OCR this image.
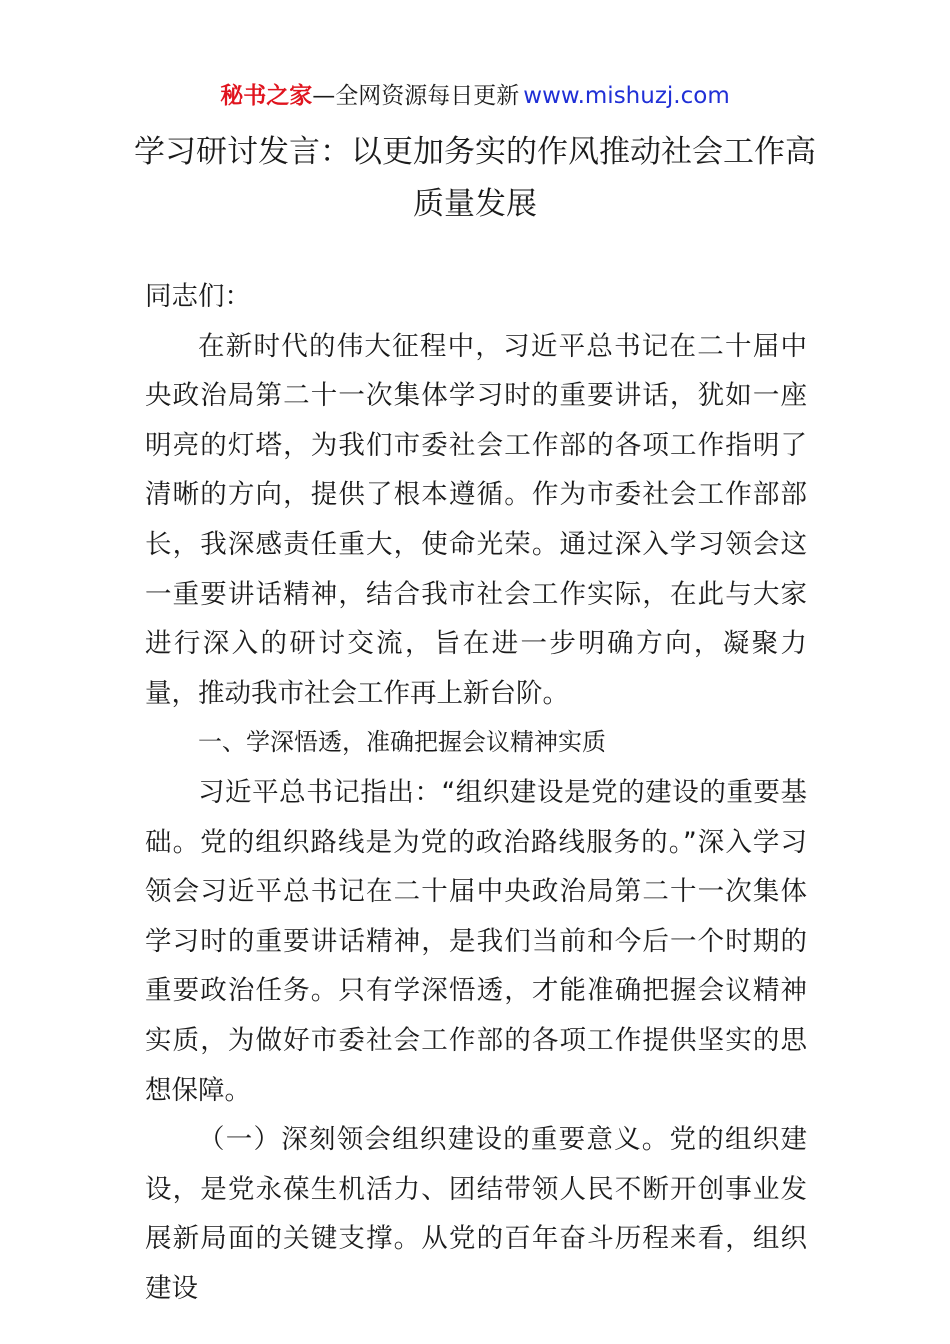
秘书之家—全网资源每日更新 www.mishuzj.com
学习研讨发言：以更加务实的作风推动社会工作高质量发展

同志们：

在新时代的伟大征程中，习近平总书记在二十届中央政治局第二十一次集体学习时的重要讲话，犹如一座明亮的灯塔，为我们市委社会工作部的各项工作指明了清晰的方向，提供了根本遵循。作为市委社会工作部部长，我深感责任重大，使命光荣。通过深入学习领会这一重要讲话精神，结合我市社会工作实际，在此与大家进行深入的研讨交流，旨在进一步明确方向，凝聚力量，推动我市社会工作再上新台阶。

一、学深悟透，准确把握会议精神实质

习近平总书记指出：“组织建设是党的建设的重要基础。党的组织路线是为党的政治路线服务的。”深入学习领会习近平总书记在二十届中央政治局第二十一次集体学习时的重要讲话精神，是我们当前和今后一个时期的重要政治任务。只有学深悟透，才能准确把握会议精神实质，为做好市委社会工作部的各项工作提供坚实的思想保障。

（一）深刻领会组织建设的重要意义。党的组织建设，是党永葆生机活力、团结带领人民不断开创事业发展新局面的关键支撑。从党的百年奋斗历程来看，组织建设
